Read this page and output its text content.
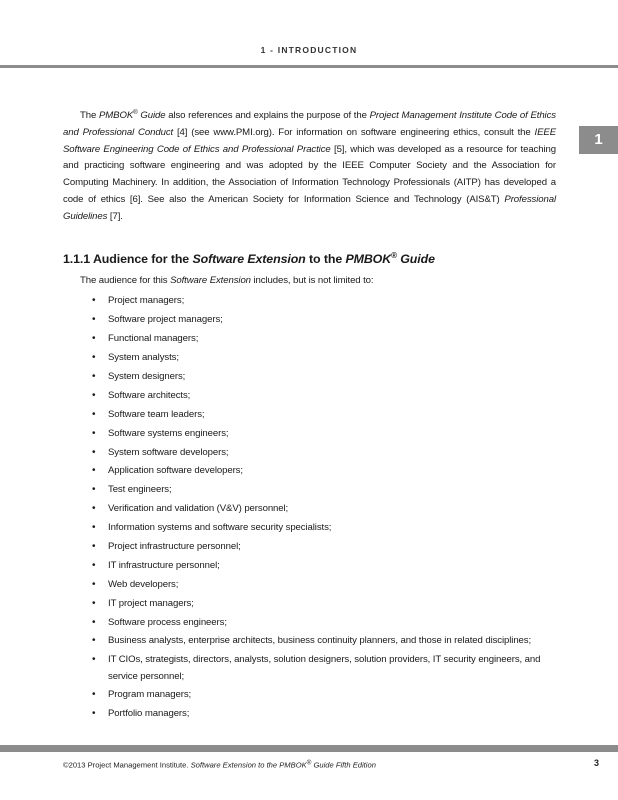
1 - INTRODUCTION
1

The PMBOK® Guide also references and explains the purpose of the Project Management Institute Code of Ethics and Professional Conduct [4] (see www.PMI.org). For information on software engineering ethics, consult the IEEE Software Engineering Code of Ethics and Professional Practice [5], which was developed as a resource for teaching and practicing software engineering and was adopted by the IEEE Computer Society and the Association for Computing Machinery. In addition, the Association of Information Technology Professionals (AITP) has developed a code of ethics [6]. See also the American Society for Information Science and Technology (AIS&T) Professional Guidelines [7].

1.1.1 Audience for the Software Extension to the PMBOK® Guide

The audience for this Software Extension includes, but is not limited to:

• Project managers;
• Software project managers;
• Functional managers;
• System analysts;
• System designers;
• Software architects;
• Software team leaders;
• Software systems engineers;
• System software developers;
• Application software developers;
• Test engineers;
• Verification and validation (V&V) personnel;
• Information systems and software security specialists;
• Project infrastructure personnel;
• IT infrastructure personnel;
• Web developers;
• IT project managers;
• Software process engineers;
• Business analysts, enterprise architects, business continuity planners, and those in related disciplines;
• IT CIOs, strategists, directors, analysts, solution designers, solution providers, IT security engineers, and service personnel;
• Program managers;
• Portfolio managers;
©2013 Project Management Institute. Software Extension to the PMBOK® Guide Fifth Edition	3
